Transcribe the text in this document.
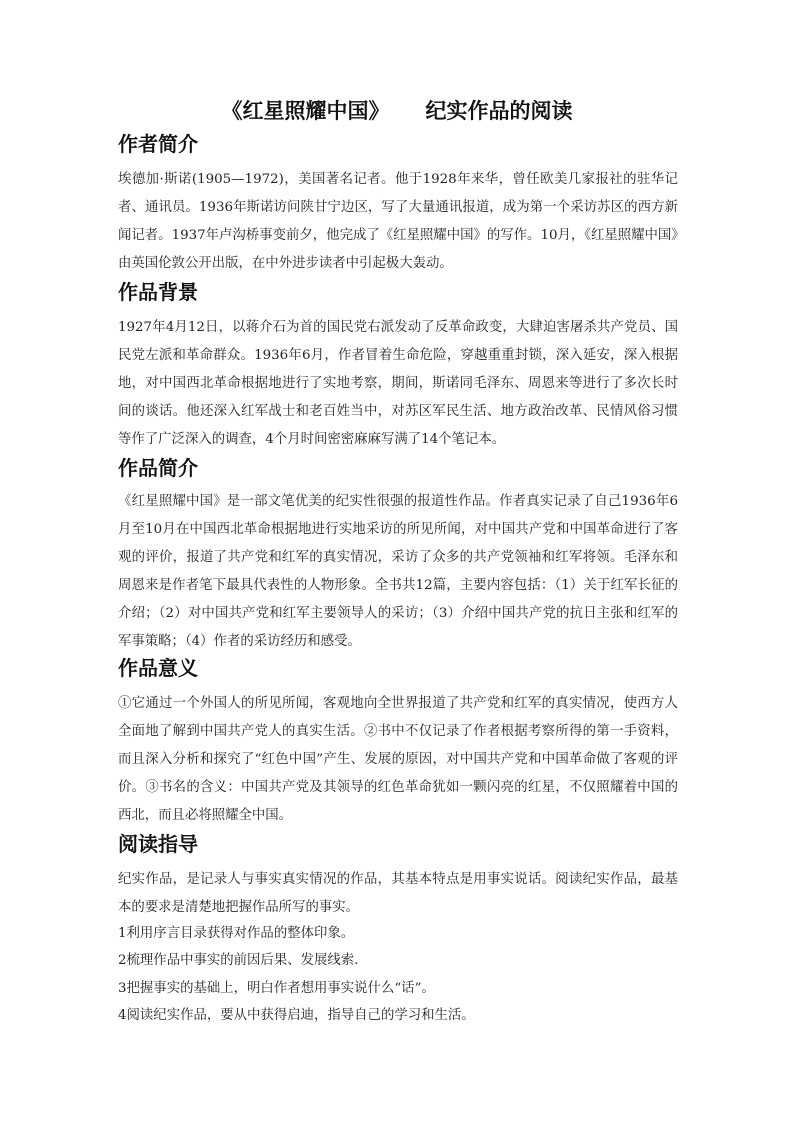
《红星照耀中国》 纪实作品的阅读
作者简介

埃德加·斯诺(1905—1972)，美国著名记者。他于1928年来华，曾任欧美几家报社的驻华记者、通讯员。1936年斯诺访问陕甘宁边区，写了大量通讯报道，成为第一个采访苏区的西方新闻记者。1937年卢沟桥事变前夕，他完成了《红星照耀中国》的写作。10月，《红星照耀中国》由英国伦敦公开出版，在中外进步读者中引起极大轰动。

作品背景

1927年4月12日，以蒋介石为首的国民党右派发动了反革命政变，大肆迫害屠杀共产党员、国民党左派和革命群众。1936年6月，作者冒着生命危险，穿越重重封锁，深入延安，深入根据地，对中国西北革命根据地进行了实地考察，期间，斯诺同毛泽东、周恩来等进行了多次长时间的谈话。他还深入红军战士和老百姓当中，对苏区军民生活、地方政治改革、民情风俗习惯等作了广泛深入的调查，4个月时间密密麻麻写满了14个笔记本。

作品简介

《红星照耀中国》是一部文笔优美的纪实性很强的报道性作品。作者真实记录了自己1936年6月至10月在中国西北革命根据地进行实地采访的所见所闻，对中国共产党和中国革命进行了客观的评价，报道了共产党和红军的真实情况，采访了众多的共产党领袖和红军将领。毛泽东和周恩来是作者笔下最具代表性的人物形象。全书共12篇，主要内容包括：（1）关于红军长征的介绍；（2）对中国共产党和红军主要领导人的采访；（3）介绍中国共产党的抗日主张和红军的军事策略；（4）作者的采访经历和感受。

作品意义

①它通过一个外国人的所见所闻，客观地向全世界报道了共产党和红军的真实情况，使西方人全面地了解到中国共产党人的真实生活。②书中不仅记录了作者根据考察所得的第一手资料，而且深入分析和探究了“红色中国”产生、发展的原因，对中国共产党和中国革命做了客观的评价。③书名的含义：中国共产党及其领导的红色革命犹如一颗闪亮的红星，不仅照耀着中国的西北，而且必将照耀全中国。

阅读指导

纪实作品，是记录人与事实真实情况的作品，其基本特点是用事实说话。阅读纪实作品，最基本的要求是清楚地把握作品所写的事实。

1利用序言目录获得对作品的整体印象。

2梳理作品中事实的前因后果、发展线索.

3把握事实的基础上，明白作者想用事实说什么“话”。

4阅读纪实作品，要从中获得启迪，指导自己的学习和生活。
